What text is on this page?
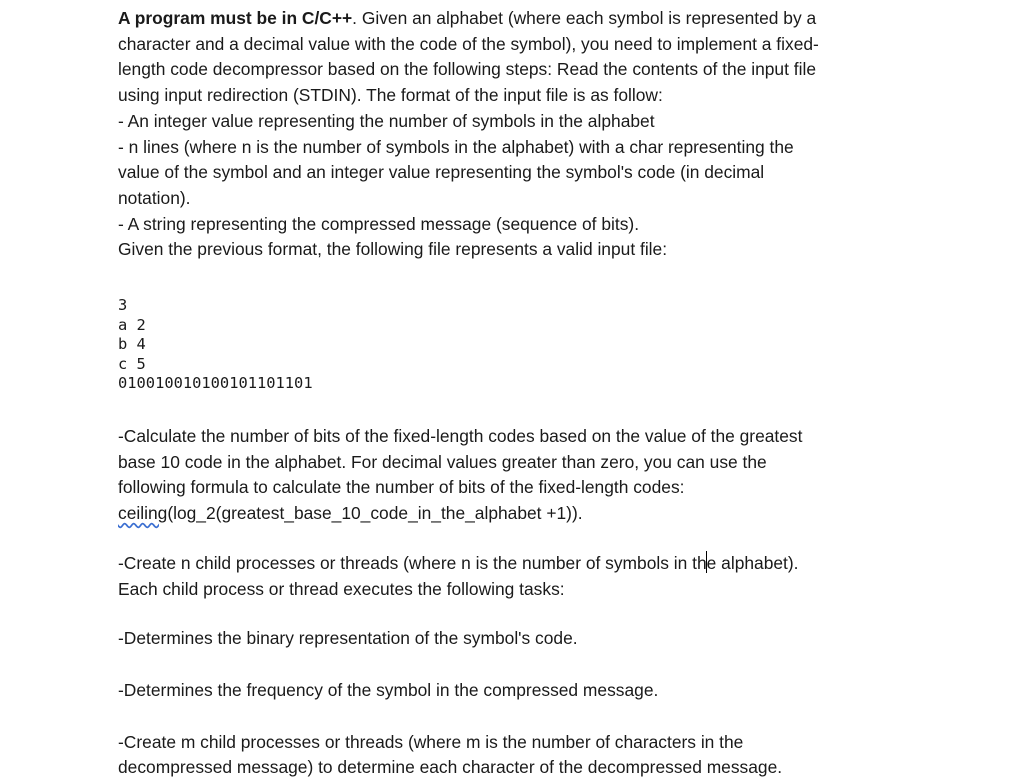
A program must be in C/C++. Given an alphabet (where each symbol is represented by a
character and a decimal value with the code of the symbol), you need to implement a fixed-
length code decompressor based on the following steps: Read the contents of the input file
using input redirection (STDIN). The format of the input file is as follow:
- An integer value representing the number of symbols in the alphabet
- n lines (where n is the number of symbols in the alphabet) with a char representing the
value of the symbol and an integer value representing the symbol's code (in decimal
notation).
- A string representing the compressed message (sequence of bits).
Given the previous format, the following file represents a valid input file:
3
a 2
b 4
c 5
010010010100101101101
-Calculate the number of bits of the fixed-length codes based on the value of the greatest
base 10 code in the alphabet. For decimal values greater than zero, you can use the
following formula to calculate the number of bits of the fixed-length codes:
ceiling(log_2(greatest_base_10_code_in_the_alphabet +1)).
-Create n child processes or threads (where n is the number of symbols in the alphabet).
Each child process or thread executes the following tasks:
-Determines the binary representation of the symbol's code.
-Determines the frequency of the symbol in the compressed message.
-Create m child processes or threads (where m is the number of characters in the
decompressed message) to determine each character of the decompressed message.
